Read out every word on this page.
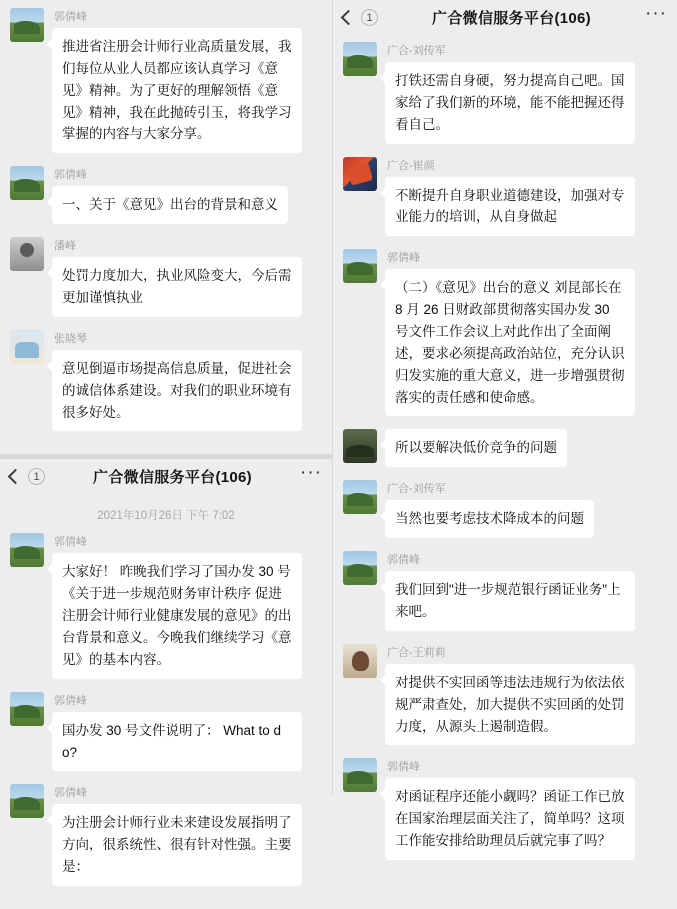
郭倩峰
推进省注册会计师行业高质量发展，我们每位从业人员都应该认真学习《意见》精神。为了更好的理解领悟《意见》精神，我在此抛砖引玉，将我学习掌握的内容与大家分享。
郭倩峰
一、关于《意见》出台的背景和意义
潘峰
处罚力度加大，执业风险变大，今后需更加谨慎执业
张晓琴
意见倒逼市场提高信息质量，促进社会的诚信体系建设。对我们的职业环境有很多好处。
1	广合微信服务平台(106)	···
2021年10月26日 下午 7:02
郭倩峰
大家好！ 昨晚我们学习了国办发 30 号《关于进一步规范财务审计秩序 促进注册会计师行业健康发展的意见》的出台背景和意义。今晚我们继续学习《意见》的基本内容。
郭倩峰
国办发 30 号文件说明了： What to do?
郭倩峰
为注册会计师行业未来建设发展指明了方向，很系统性、很有针对性强。主要是：
1	广合微信服务平台(106)	···
广合-刘传军
打铁还需自身硬，努力提高自己吧。国家给了我们新的环境，能不能把握还得看自己。
广合-崔颜
不断提升自身职业道德建设，加强对专业能力的培训，从自身做起
郭倩峰
（二）《意见》出台的意义 刘昆部长在 8 月 26 日财政部贯彻落实国办发 30 号文件工作会议上对此作出了全面阐述，要求必须提高政治站位，充分认识归发实施的重大意义，进一步增强贯彻落实的责任感和使命感。
所以要解决低价竞争的问题
广合-刘传军
当然也要考虑技术降成本的问题
郭倩峰
我们回到"进一步规范银行函证业务"上来吧。
广合-王莉莉
对提供不实回函等违法违规行为依法依规严肃查处，加大提供不实回函的处罚力度，从源头上遏制造假。
郭倩峰
对函证程序还能小觑吗？函证工作已放在国家治理层面关注了，简单吗？这项工作能安排给助理员后就完事了吗？
